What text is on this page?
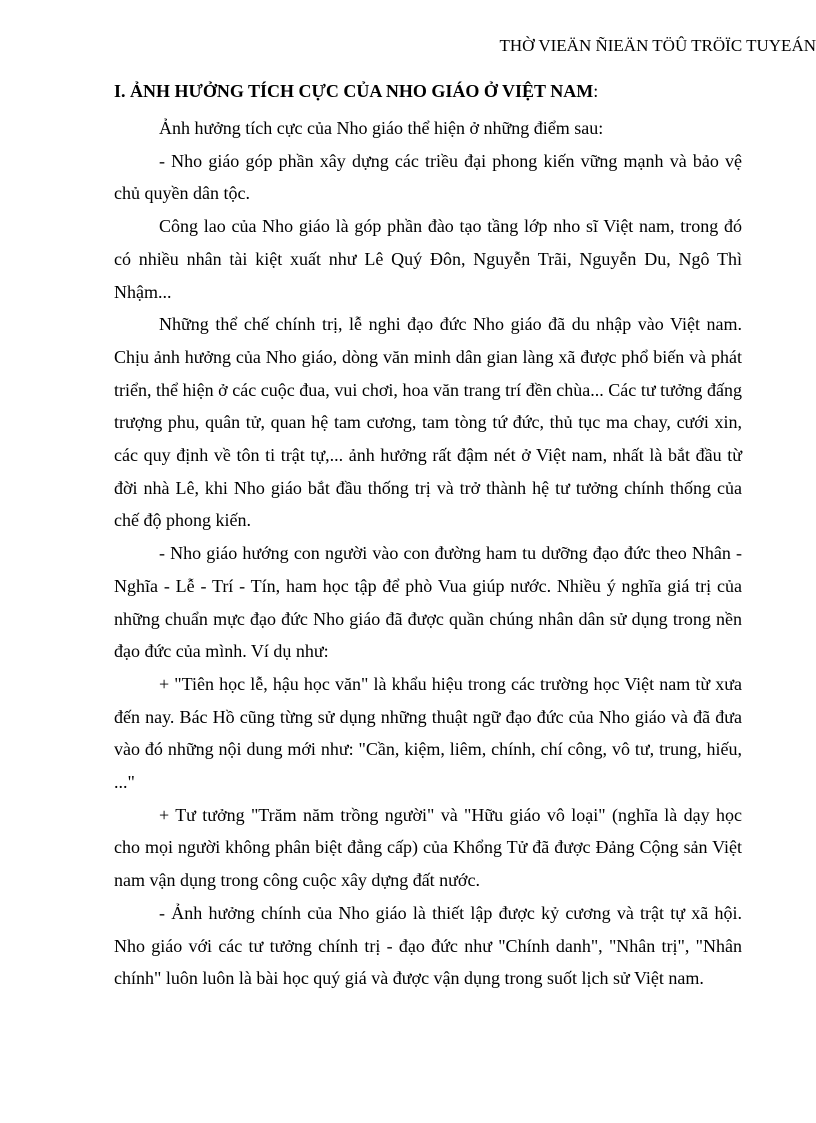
THỜ VIEÄN ÑIEÄN TÖÛ TRÖÏC TUYEÁN
I. ẢNH HƯỞNG TÍCH CỰC CỦA NHO GIÁO Ở VIỆT NAM:

Ảnh hưởng tích cực của Nho giáo thể hiện ở những điểm sau:

- Nho giáo góp phần xây dựng các triều đại phong kiến vững mạnh và bảo vệ chủ quyền dân tộc.

Công lao của Nho giáo là góp phần đào tạo tầng lớp nho sĩ Việt nam, trong đó có nhiều nhân tài kiệt xuất như Lê Quý Đôn, Nguyễn Trãi, Nguyễn Du, Ngô Thì Nhậm...

Những thể chế chính trị, lễ nghi đạo đức Nho giáo đã du nhập vào Việt nam. Chịu ảnh hưởng của Nho giáo, dòng văn minh dân gian làng xã được phổ biến và phát triển, thể hiện ở các cuộc đua, vui chơi, hoa văn trang trí đền chùa... Các tư tưởng đấng trượng phu, quân tử, quan hệ tam cương, tam tòng tứ đức, thủ tục ma chay, cưới xin, các quy định về tôn ti trật tự,... ảnh hưởng rất đậm nét ở Việt nam, nhất là bắt đầu từ đời nhà Lê, khi Nho giáo bắt đầu thống trị và trở thành hệ tư tưởng chính thống của chế độ phong kiến.

- Nho giáo hướng con người vào con đường ham tu dưỡng đạo đức theo Nhân - Nghĩa - Lễ - Trí - Tín, ham học tập để phò Vua giúp nước. Nhiều ý nghĩa giá trị của những chuẩn mực đạo đức Nho giáo đã được quần chúng nhân dân sử dụng trong nền đạo đức của mình. Ví dụ như:

+ "Tiên học lễ, hậu học văn" là khẩu hiệu trong các trường học Việt nam từ xưa đến nay. Bác Hồ cũng từng sử dụng những thuật ngữ đạo đức của Nho giáo và đã đưa vào đó những nội dung mới như: "Cần, kiệm, liêm, chính, chí công, vô tư, trung, hiếu, ..."

+ Tư tưởng "Trăm năm trồng người" và "Hữu giáo vô loại" (nghĩa là dạy học cho mọi người không phân biệt đẳng cấp) của Khổng Tử đã được Đảng Cộng sản Việt nam vận dụng trong công cuộc xây dựng đất nước.

- Ảnh hưởng chính của Nho giáo là thiết lập được kỷ cương và trật tự xã hội. Nho giáo với các tư tưởng chính trị - đạo đức như "Chính danh", "Nhân trị", "Nhân chính" luôn luôn là bài học quý giá và được vận dụng trong suốt lịch sử Việt nam.
